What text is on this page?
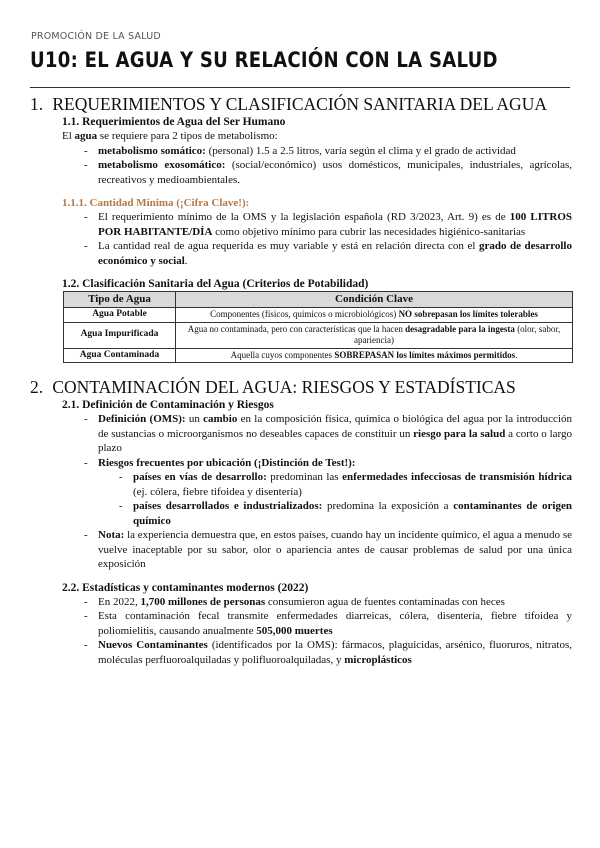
PROMOCIÓN DE LA SALUD
U10: EL AGUA Y SU RELACIÓN CON LA SALUD
1. REQUERIMIENTOS Y CLASIFICACIÓN SANITARIA DEL AGUA
1.1. Requerimientos de Agua del Ser Humano

El agua se requiere para 2 tipos de metabolismo:

- metabolismo somático: (personal) 1.5 a 2.5 litros, varía según el clima y el grado de actividad
- metabolismo exosomático: (social/económico) usos domésticos, municipales, industriales, agrícolas, recreativos y medioambientales.
1.1.1. Cantidad Mínima (¡Cifra Clave!):
- El requerimiento mínimo de la OMS y la legislación española (RD 3/2023, Art. 9) es de 100 LITROS POR HABITANTE/DÍA como objetivo mínimo para cubrir las necesidades higiénico-sanitarias
- La cantidad real de agua requerida es muy variable y está en relación directa con el grado de desarrollo económico y social.
1.2. Clasificación Sanitaria del Agua (Criterios de Potabilidad)
Tipo de Agua	Condición Clave
Agua Potable	Componentes (físicos, químicos o microbiológicos) NO sobrepasan los límites tolerables
Agua Impurificada	Agua no contaminada, pero con características que la hacen desagradable para la ingesta (olor, sabor, apariencia)
Agua Contaminada	Aquella cuyos componentes SOBREPASAN los límites máximos permitidos.
2. CONTAMINACIÓN DEL AGUA: RIESGOS Y ESTADÍSTICAS
2.1. Definición de Contaminación y Riesgos
- Definición (OMS): un cambio en la composición física, química o biológica del agua por la introducción de sustancias o microorganismos no deseables capaces de constituir un riesgo para la salud a corto o largo plazo
- Riesgos frecuentes por ubicación (¡Distinción de Test!):
- países en vías de desarrollo: predominan las enfermedades infecciosas de transmisión hídrica (ej. cólera, fiebre tifoidea y disentería)
- países desarrollados e industrializados: predomina la exposición a contaminantes de origen químico
- Nota: la experiencia demuestra que, en estos países, cuando hay un incidente químico, el agua a menudo se vuelve inaceptable por su sabor, olor o apariencia antes de causar problemas de salud por una única exposición
2.2. Estadísticas y contaminantes modernos (2022)
- En 2022, 1,700 millones de personas consumieron agua de fuentes contaminadas con heces
- Esta contaminación fecal transmite enfermedades diarreicas, cólera, disentería, fiebre tifoidea y poliomielitis, causando anualmente 505,000 muertes
- Nuevos Contaminantes (identificados por la OMS): fármacos, plaguicidas, arsénico, fluoruros, nitratos, moléculas perfluoroalquiladas y polifluoroalquiladas, y microplásticos
